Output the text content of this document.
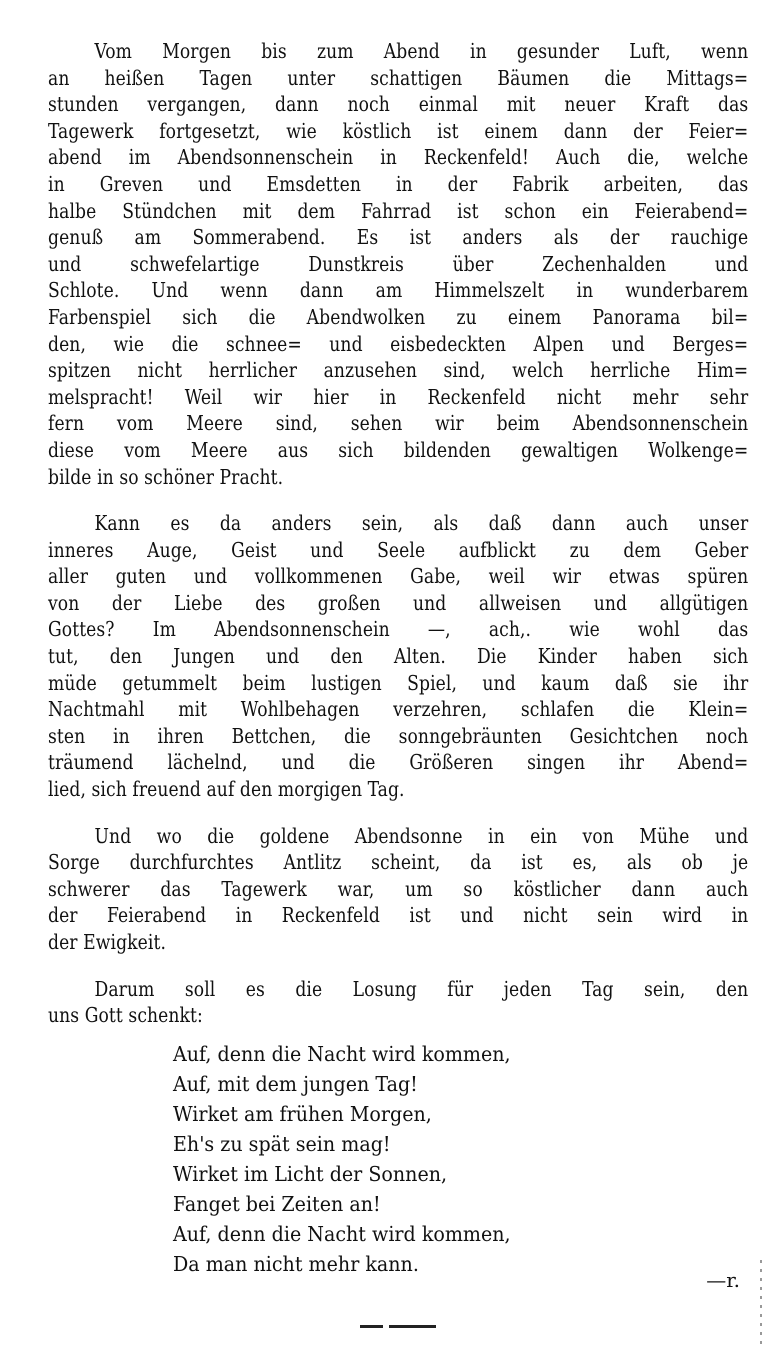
Vom Morgen bis zum Abend in gesunder Luft, wenn
an heißen Tagen unter schattigen Bäumen die Mittags=
stunden vergangen, dann noch einmal mit neuer Kraft das
Tagewerk fortgesetzt, wie köstlich ist einem dann der Feier=
abend im Abendsonnenschein in Reckenfeld! Auch die, welche
in Greven und Emsdetten in der Fabrik arbeiten, das
halbe Stündchen mit dem Fahrrad ist schon ein Feierabend=
genuß am Sommerabend. Es ist anders als der rauchige
und schwefelartige Dunstkreis über Zechenhalden und
Schlote. Und wenn dann am Himmelszelt in wunderbarem
Farbenspiel sich die Abendwolken zu einem Panorama bil=
den, wie die schnee= und eisbedeckten Alpen und Berges=
spitzen nicht herrlicher anzusehen sind, welch herrliche Him=
melspracht! Weil wir hier in Reckenfeld nicht mehr sehr
fern vom Meere sind, sehen wir beim Abendsonnenschein
diese vom Meere aus sich bildenden gewaltigen Wolkenge=
bilde in so schöner Pracht.
Kann es da anders sein, als daß dann auch unser
inneres Auge, Geist und Seele aufblickt zu dem Geber
aller guten und vollkommenen Gabe, weil wir etwas spüren
von der Liebe des großen und allweisen und allgütigen
Gottes? Im Abendsonnenschein —, ach,. wie wohl das
tut, den Jungen und den Alten. Die Kinder haben sich
müde getummelt beim lustigen Spiel, und kaum daß sie ihr
Nachtmahl mit Wohlbehagen verzehren, schlafen die Klein=
sten in ihren Bettchen, die sonngebräunten Gesichtchen noch
träumend lächelnd, und die Größeren singen ihr Abend=
lied, sich freuend auf den morgigen Tag.
Und wo die goldene Abendsonne in ein von Mühe und
Sorge durchfurchtes Antlitz scheint, da ist es, als ob je
schwerer das Tagewerk war, um so köstlicher dann auch
der Feierabend in Reckenfeld ist und nicht sein wird in
der Ewigkeit.
Darum soll es die Losung für jeden Tag sein, den
uns Gott schenkt:
Auf, denn die Nacht wird kommen,
Auf, mit dem jungen Tag!
Wirket am frühen Morgen,
Eh's zu spät sein mag!
Wirket im Licht der Sonnen,
Fanget bei Zeiten an!
Auf, denn die Nacht wird kommen,
Da man nicht mehr kann.
—r.
